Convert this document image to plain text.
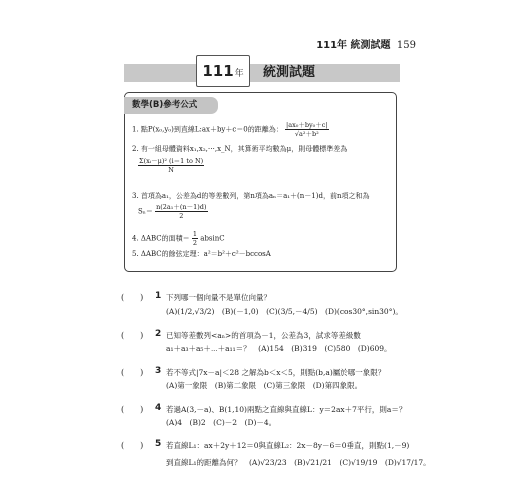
111年 統測試題 159
111年	統測試題
數學(B)參考公式
1. 點P(x₀,y₀)到直線L:ax＋by＋c＝0的距離為： $\frac{\text{|ax₀＋by₀＋c|}}{\text{√a²＋b²}}$
2. 有一組母體資料x₁,x₂,⋯,x_N，其算術平均數為μ，則母體標準差為
$\frac{\text{Σ(xᵢ－μ)² (i＝1 to N)}}{N}$
3. 首項為a₁，公差為d的等差數列，第n項為aₙ＝a₁＋(n－1)d，前n項之和為
$S_n= \frac{\text{n(2a₁＋(n－1)d)}}{2}$
4. ΔABC的面積＝ $\frac{1}{2}$ absinC
5. ΔABC的餘弦定理：a²＝b²＋c²－bccosA
(　　) 1 下列哪一個向量不是單位向量？
(A)(1/2,√3/2)　(B)(－1,0)　(C)(3/5,－4/5)　(D)(cos30°,sin30°)。
(　　) 2 已知等差數列<aₙ>的首項為－1，公差為3，試求等差級數
a₁＋a₃＋a₅＋⋯＋a₁₁＝？　(A)154　(B)319　(C)580　(D)609。
(　　) 3 若不等式|7x－a|＜28 之解為b＜x＜5，則點(b,a)屬於哪一象限？
(A)第一象限　(B)第二象限　(C)第三象限　(D)第四象限。
(　　) 4 若過A(3,－a)、B(1,10)兩點之直線與直線L：y＝2ax＋7平行，則a＝？
(A)4　(B)2　(C)－2　(D)－4。
(　　) 5 若直線L₁：ax＋2y＋12＝0與直線L₂：2x－8y－6＝0垂直，則點(1,－9)
到直線L₁的距離為何？　(A)√23/23　(B)√21/21　(C)√19/19　(D)√17/17。
